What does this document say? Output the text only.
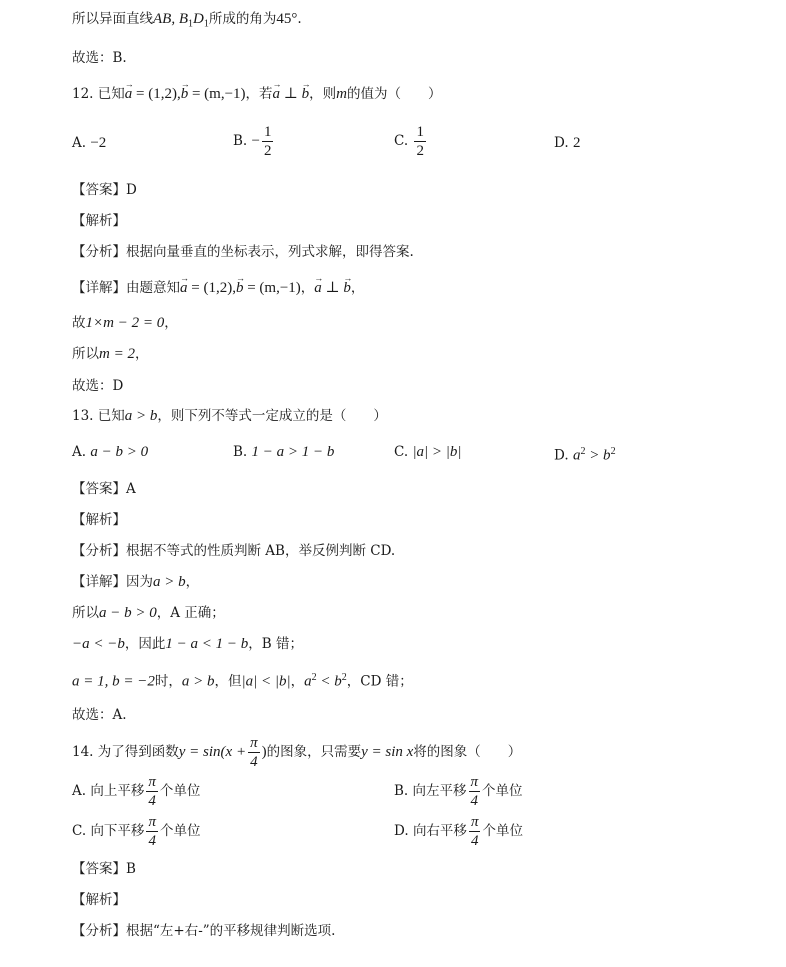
所以异面直线AB, $B_1D_1$所成的角为45°.
故选：B.
12. 已知a → = (1,2),b → = (m,−1)，若a → ⊥ b →，则m的值为（　　）
A. −2	B. − $\frac{1}{2}$	C. $\frac{1}{2}$	D. 2
【答案】D
【解析】
【分析】根据向量垂直的坐标表示，列式求解，即得答案.
【详解】由题意知a → = (1,2),b → = (m,−1)，a → ⊥ b →，
故1×m − 2 = 0，
所以m = 2，
故选：D
13. 已知a > b，则下列不等式一定成立的是（　　）
A. a − b > 0	B. 1 − a > 1 − b	C. |a| > |b|	D. $a^2 > b^2$
【答案】A
【解析】
【分析】根据不等式的性质判断 AB，举反例判断 CD.
【详解】因为a > b，
所以a − b > 0，A 正确；
−a < −b，因此1 − a < 1 − b，B 错；
a = 1, b = −2时，a > b，但|a| < |b|，$a^2 < b^2$，CD 错；
故选：A.
14. 为了得到函数$y = \sin(x + \frac{\pi}{4}$ )的图象，只需要y = sin x将的图象（　　）
A. 向上平移 $\frac{\pi}{4}$ 个单位	B. 向左平移 $\frac{\pi}{4}$ 个单位
C. 向下平移 $\frac{\pi}{4}$ 个单位	D. 向右平移 $\frac{\pi}{4}$ 个单位
【答案】B
【解析】
【分析】根据“左+右-”的平移规律判断选项.
